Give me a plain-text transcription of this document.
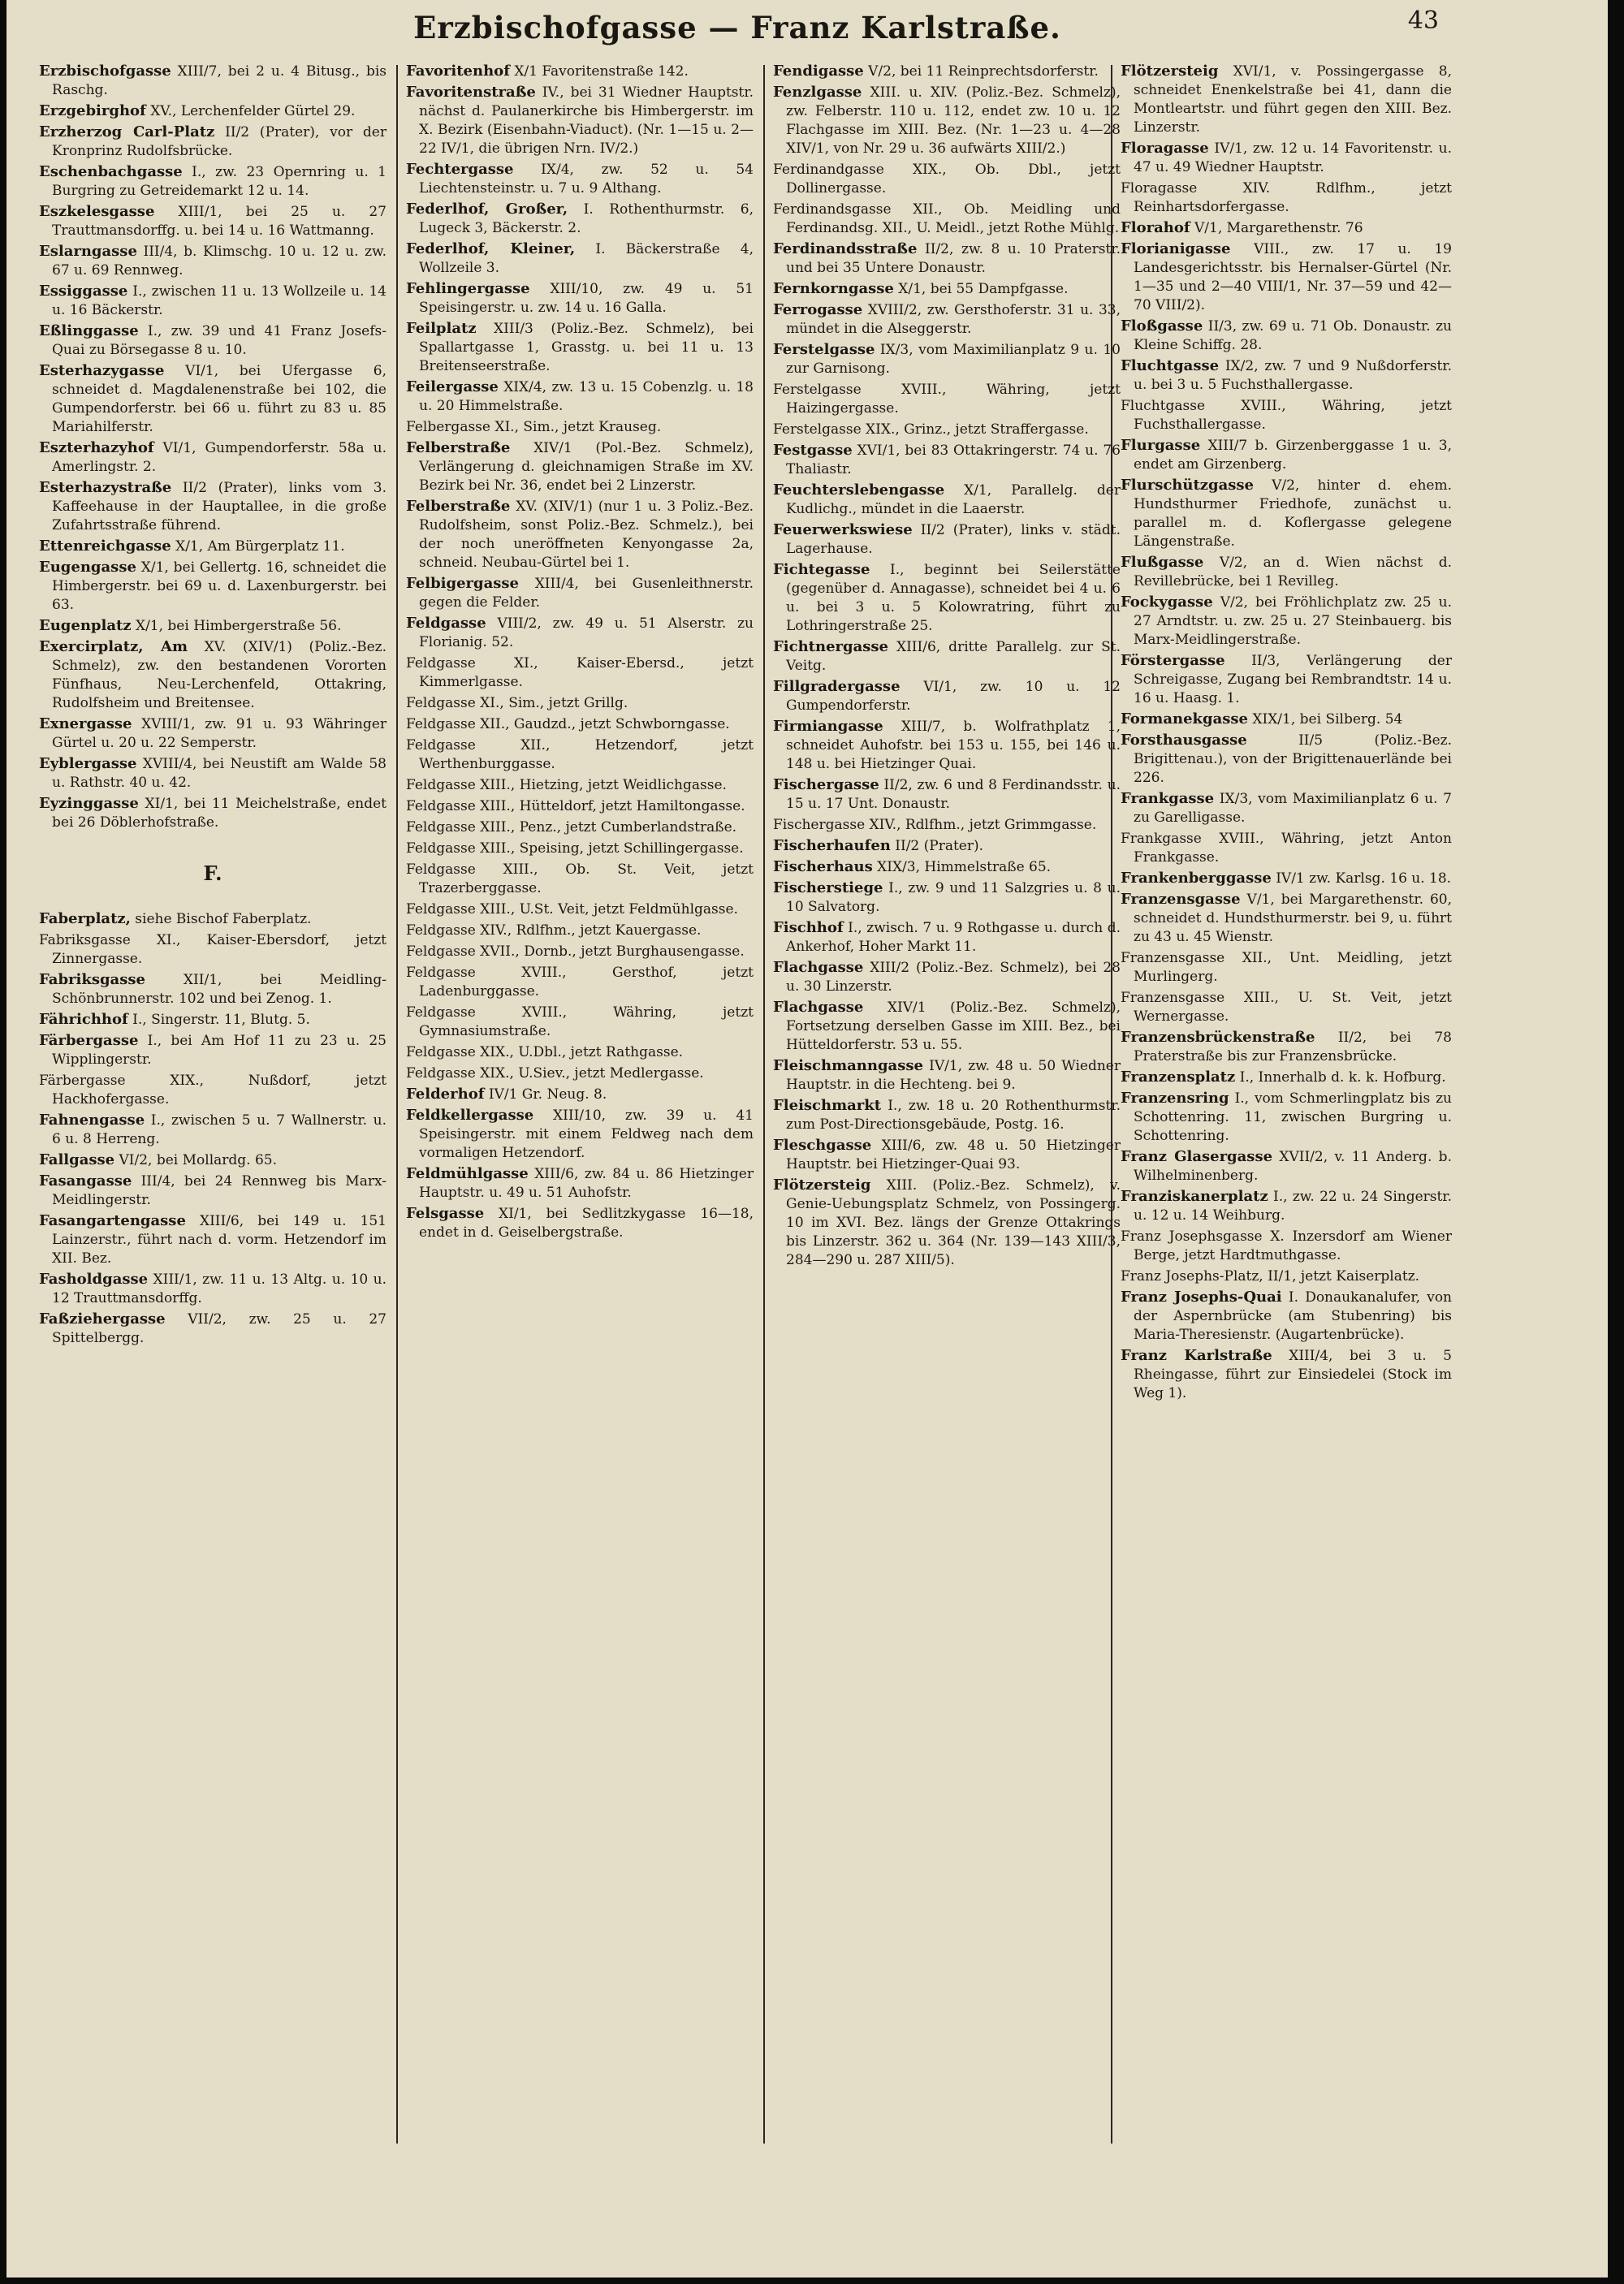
Erzbischofgasse — Franz Karlstraße.	43

Erzbischofgasse XIII/7, bei 2 u. 4 Bitusg., bis Raschg.

Erzgebirghof XV., Lerchenfelder Gürtel 29.

Erzherzog Carl-Platz II/2 (Prater), vor der Kronprinz Rudolfsbrücke.

Eschenbachgasse I., zw. 23 Opernring u. 1 Burgring zu Getreidemarkt 12 u. 14.

Eszkelesgasse XIII/1, bei 25 u. 27 Trauttmansdorffg. u. bei 14 u. 16 Wattmanng.

Eslarngasse III/4, b. Klimschg. 10 u. 12 u. zw. 67 u. 69 Rennweg.

Essiggasse I., zwischen 11 u. 13 Wollzeile u. 14 u. 16 Bäckerstr.

Eßlinggasse I., zw. 39 und 41 Franz Josefs-Quai zu Börsegasse 8 u. 10.

Esterhazygasse VI/1, bei Ufergasse 6, schneidet d. Magdalenenstraße bei 102, die Gumpendorferstr. bei 66 u. führt zu 83 u. 85 Mariahilferstr.

Eszterhazyhof VI/1, Gumpendorferstr. 58a u. Amerlingstr. 2.

Esterhazystraße II/2 (Prater), links vom 3. Kaffeehause in der Hauptallee, in die große Zufahrtsstraße führend.

Ettenreichgasse X/1, Am Bürgerplatz 11.

Eugengasse X/1, bei Gellertg. 16, schneidet die Himbergerstr. bei 69 u. d. Laxenburgerstr. bei 63.

Eugenplatz X/1, bei Himbergerstraße 56.

Exercirplatz, Am XV. (XIV/1) (Poliz.-Bez. Schmelz), zw. den bestandenen Vororten Fünfhaus, Neu-Lerchenfeld, Ottakring, Rudolfsheim und Breitensee.

Exnergasse XVIII/1, zw. 91 u. 93 Währinger Gürtel u. 20 u. 22 Semperstr.

Eyblergasse XVIII/4, bei Neustift am Walde 58 u. Rathstr. 40 u. 42.

Eyzinggasse XI/1, bei 11 Meichelstraße, endet bei 26 Döblerhofstraße.

F.

Faberplatz, siehe Bischof Faberplatz.

Fabriksgasse XI., Kaiser-Ebersdorf, jetzt Zinnergasse.

Fabriksgasse XII/1, bei Meidling-Schönbrunnerstr. 102 und bei Zenog. 1.

Fährichhof I., Singerstr. 11, Blutg. 5.

Färbergasse I., bei Am Hof 11 zu 23 u. 25 Wipplingerstr.

Färbergasse XIX., Nußdorf, jetzt Hackhofergasse.

Fahnengasse I., zwischen 5 u. 7 Wallnerstr. u. 6 u. 8 Herreng.

Fallgasse VI/2, bei Mollardg. 65.

Fasangasse III/4, bei 24 Rennweg bis Marx-Meidlingerstr.

Fasangartengasse XIII/6, bei 149 u. 151 Lainzerstr., führt nach d. vorm. Hetzendorf im XII. Bez.

Fasholdgasse XIII/1, zw. 11 u. 13 Altg. u. 10 u. 12 Trauttmansdorffg.

Faßziehergasse VII/2, zw. 25 u. 27 Spittelbergg.

Favoritenhof X/1 Favoritenstraße 142.

Favoritenstraße IV., bei 31 Wiedner Hauptstr. nächst d. Paulanerkirche bis Himbergerstr. im X. Bezirk (Eisenbahn-Viaduct). (Nr. 1—15 u. 2—22 IV/1, die übrigen Nrn. IV/2.)

Fechtergasse IX/4, zw. 52 u. 54 Liechtensteinstr. u. 7 u. 9 Althang.

Federlhof, Großer, I. Rothenthurmstr. 6, Lugeck 3, Bäckerstr. 2.

Federlhof, Kleiner, I. Bäckerstraße 4, Wollzeile 3.

Fehlingergasse XIII/10, zw. 49 u. 51 Speisingerstr. u. zw. 14 u. 16 Galla.

Feilplatz XIII/3 (Poliz.-Bez. Schmelz), bei Spallartgasse 1, Grasstg. u. bei 11 u. 13 Breitenseerstraße.

Feilergasse XIX/4, zw. 13 u. 15 Cobenzlg. u. 18 u. 20 Himmelstraße.

Felbergasse XI., Sim., jetzt Krauseg.

Felberstraße XIV/1 (Pol.-Bez. Schmelz), Verlängerung d. gleichnamigen Straße im XV. Bezirk bei Nr. 36, endet bei 2 Linzerstr.

Felberstraße XV. (XIV/1) (nur 1 u. 3 Poliz.-Bez. Rudolfsheim, sonst Poliz.-Bez. Schmelz.), bei der noch uneröffneten Kenyongasse 2a, schneid. Neubau-Gürtel bei 1.

Felbigergasse XIII/4, bei Gusenleithnerstr. gegen die Felder.

Feldgasse VIII/2, zw. 49 u. 51 Alserstr. zu Florianig. 52.

Feldgasse XI., Kaiser-Ebersd., jetzt Kimmerlgasse.

Feldgasse XI., Sim., jetzt Grillg.

Feldgasse XII., Gaudzd., jetzt Schwborngasse.

Feldgasse XII., Hetzendorf, jetzt Werthenburggasse.

Feldgasse XIII., Hietzing, jetzt Weidlichgasse.

Feldgasse XIII., Hütteldorf, jetzt Hamiltongasse.

Feldgasse XIII., Penz., jetzt Cumberlandstraße.

Feldgasse XIII., Speising, jetzt Schillingergasse.

Feldgasse XIII., Ob. St. Veit, jetzt Trazerberggasse.

Feldgasse XIII., U.St. Veit, jetzt Feldmühlgasse.

Feldgasse XIV., Rdlfhm., jetzt Kauergasse.

Feldgasse XVII., Dornb., jetzt Burghausengasse.

Feldgasse XVIII., Gersthof, jetzt Ladenburggasse.

Feldgasse XVIII., Währing, jetzt Gymnasiumstraße.

Feldgasse XIX., U.Dbl., jetzt Rathgasse.

Feldgasse XIX., U.Siev., jetzt Medlergasse.

Felderhof IV/1 Gr. Neug. 8.

Feldkellergasse XIII/10, zw. 39 u. 41 Speisingerstr. mit einem Feldweg nach dem vormaligen Hetzendorf.

Feldmühlgasse XIII/6, zw. 84 u. 86 Hietzinger Hauptstr. u. 49 u. 51 Auhofstr.

Felsgasse XI/1, bei Sedlitzkygasse 16—18, endet in d. Geiselbergstraße.

Fendigasse V/2, bei 11 Reinprechtsdorferstr.

Fenzlgasse XIII. u. XIV. (Poliz.-Bez. Schmelz), zw. Felberstr. 110 u. 112, endet zw. 10 u. 12 Flachgasse im XIII. Bez. (Nr. 1—23 u. 4—28 XIV/1, von Nr. 29 u. 36 aufwärts XIII/2.)

Ferdinandgasse XIX., Ob. Dbl., jetzt Dollinergasse.

Ferdinandsgasse XII., Ob. Meidling und Ferdinandsg. XII., U. Meidl., jetzt Rothe Mühlg.

Ferdinandsstraße II/2, zw. 8 u. 10 Praterstr. und bei 35 Untere Donaustr.

Fernkorngasse X/1, bei 55 Dampfgasse.

Ferrogasse XVIII/2, zw. Gersthoferstr. 31 u. 33, mündet in die Alseggerstr.

Ferstelgasse IX/3, vom Maximilianplatz 9 u. 10 zur Garnisong.

Ferstelgasse XVIII., Währing, jetzt Haizingergasse.

Ferstelgasse XIX., Grinz., jetzt Straffergasse.

Festgasse XVI/1, bei 83 Ottakringerstr. 74 u. 76 Thaliastr.

Feuchterslebengasse X/1, Parallelg. der Kudlichg., mündet in die Laaerstr.

Feuerwerkswiese II/2 (Prater), links v. städt. Lagerhause.

Fichtegasse I., beginnt bei Seilerstätte (gegenüber d. Annagasse), schneidet bei 4 u. 6 u. bei 3 u. 5 Kolowratring, führt zu Lothringerstraße 25.

Fichtnergasse XIII/6, dritte Parallelg. zur St. Veitg.

Fillgradergasse VI/1, zw. 10 u. 12 Gumpendorferstr.

Firmiangasse XIII/7, b. Wolfrathplatz 1, schneidet Auhofstr. bei 153 u. 155, bei 146 u. 148 u. bei Hietzinger Quai.

Fischergasse II/2, zw. 6 und 8 Ferdinandsstr. u. 15 u. 17 Unt. Donaustr.

Fischergasse XIV., Rdlfhm., jetzt Grimmgasse.

Fischerhaufen II/2 (Prater).

Fischerhaus XIX/3, Himmelstraße 65.

Fischerstiege I., zw. 9 und 11 Salzgries u. 8 u. 10 Salvatorg.

Fischhof I., zwisch. 7 u. 9 Rothgasse u. durch d. Ankerhof, Hoher Markt 11.

Flachgasse XIII/2 (Poliz.-Bez. Schmelz), bei 28 u. 30 Linzerstr.

Flachgasse XIV/1 (Poliz.-Bez. Schmelz), Fortsetzung derselben Gasse im XIII. Bez., bei Hütteldorferstr. 53 u. 55.

Fleischmanngasse IV/1, zw. 48 u. 50 Wiedner Hauptstr. in die Hechteng. bei 9.

Fleischmarkt I., zw. 18 u. 20 Rothenthurmstr. zum Post-Directionsgebäude, Postg. 16.

Fleschgasse XIII/6, zw. 48 u. 50 Hietzinger Hauptstr. bei Hietzinger-Quai 93.

Flötzersteig XIII. (Poliz.-Bez. Schmelz), v. Genie-Uebungsplatz Schmelz, von Possingerg. 10 im XVI. Bez. längs der Grenze Ottakrings bis Linzerstr. 362 u. 364 (Nr. 139—143 XIII/3, 284—290 u. 287 XIII/5).

Flötzersteig XVI/1, v. Possingergasse 8, schneidet Enenkelstraße bei 41, dann die Montleartstr. und führt gegen den XIII. Bez. Linzerstr.

Floragasse IV/1, zw. 12 u. 14 Favoritenstr. u. 47 u. 49 Wiedner Hauptstr.

Floragasse XIV. Rdlfhm., jetzt Reinhartsdorfergasse.

Florahof V/1, Margarethenstr. 76

Florianigasse VIII., zw. 17 u. 19 Landesgerichtsstr. bis Hernalser-Gürtel (Nr. 1—35 und 2—40 VIII/1, Nr. 37—59 und 42—70 VIII/2).

Floßgasse II/3, zw. 69 u. 71 Ob. Donaustr. zu Kleine Schiffg. 28.

Fluchtgasse IX/2, zw. 7 und 9 Nußdorferstr. u. bei 3 u. 5 Fuchsthallergasse.

Fluchtgasse XVIII., Währing, jetzt Fuchsthallergasse.

Flurgasse XIII/7 b. Girzenberggasse 1 u. 3, endet am Girzenberg.

Flurschützgasse V/2, hinter d. ehem. Hundsthurmer Friedhofe, zunächst u. parallel m. d. Koflergasse gelegene Längenstraße.

Flußgasse V/2, an d. Wien nächst d. Revillebrücke, bei 1 Revilleg.

Fockygasse V/2, bei Fröhlichplatz zw. 25 u. 27 Arndtstr. u. zw. 25 u. 27 Steinbauerg. bis Marx-Meidlingerstraße.

Förstergasse II/3, Verlängerung der Schreigasse, Zugang bei Rembrandtstr. 14 u. 16 u. Haasg. 1.

Formanekgasse XIX/1, bei Silberg. 54

Forsthausgasse II/5 (Poliz.-Bez. Brigittenau.), von der Brigittenauerlände bei 226.

Frankgasse IX/3, vom Maximilianplatz 6 u. 7 zu Garelligasse.

Frankgasse XVIII., Währing, jetzt Anton Frankgasse.

Frankenberggasse IV/1 zw. Karlsg. 16 u. 18.

Franzensgasse V/1, bei Margarethenstr. 60, schneidet d. Hundsthurmerstr. bei 9, u. führt zu 43 u. 45 Wienstr.

Franzensgasse XII., Unt. Meidling, jetzt Murlingerg.

Franzensgasse XIII., U. St. Veit, jetzt Wernergasse.

Franzensbrückenstraße II/2, bei 78 Praterstraße bis zur Franzensbrücke.

Franzensplatz I., Innerhalb d. k. k. Hofburg.

Franzensring I., vom Schmerlingplatz bis zu Schottenring. 11, zwischen Burgring u. Schottenring.

Franz Glasergasse XVII/2, v. 11 Anderg. b. Wilhelminenberg.

Franziskanerplatz I., zw. 22 u. 24 Singerstr. u. 12 u. 14 Weihburg.

Franz Josephsgasse X. Inzersdorf am Wiener Berge, jetzt Hardtmuthgasse.

Franz Josephs-Platz, II/1, jetzt Kaiserplatz.

Franz Josephs-Quai I. Donaukanalufer, von der Aspernbrücke (am Stubenring) bis Maria-Theresienstr. (Augartenbrücke).

Franz Karlstraße XIII/4, bei 3 u. 5 Rheingasse, führt zur Einsiedelei (Stock im Weg 1).
